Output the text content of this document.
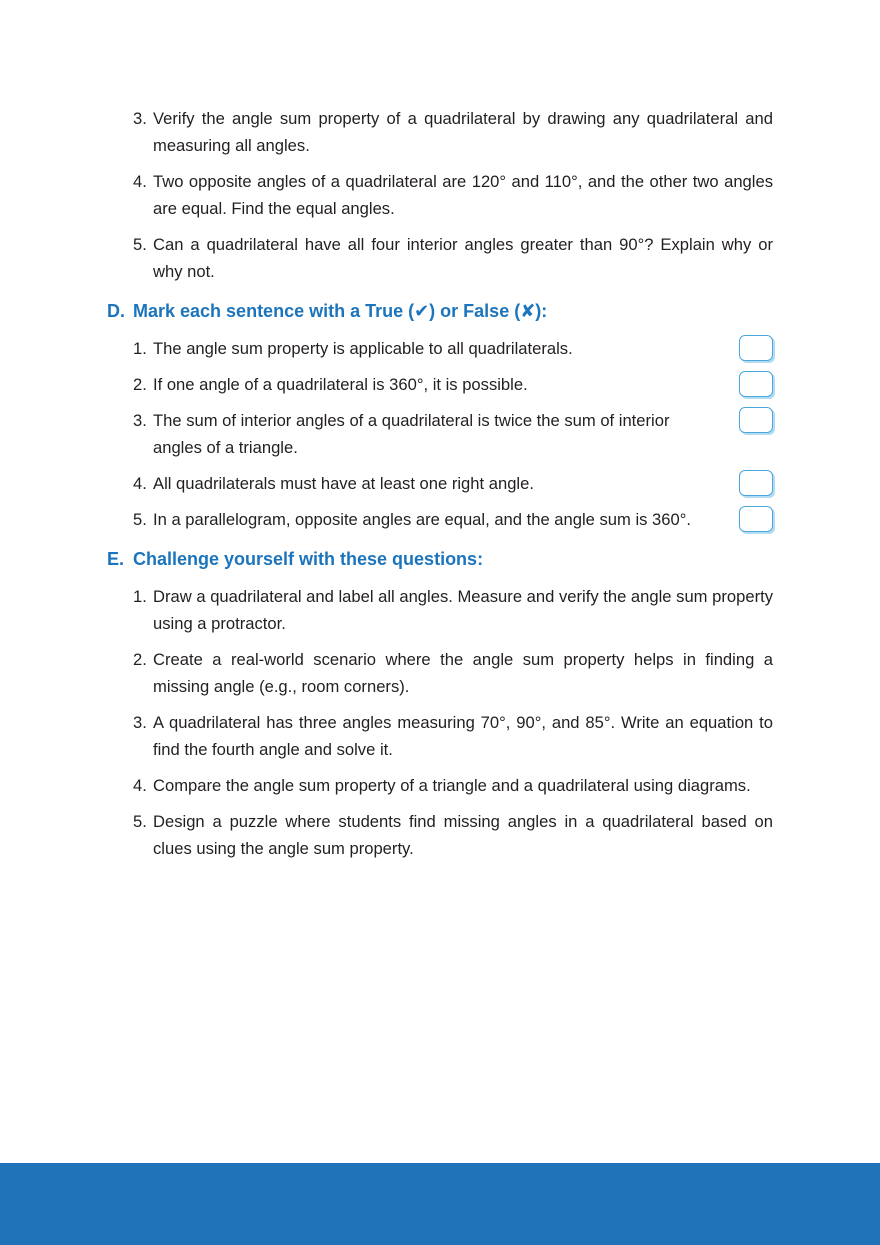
3. Verify the angle sum property of a quadrilateral by drawing any quadrilateral and measuring all angles.
4. Two opposite angles of a quadrilateral are 120° and 110°, and the other two angles are equal. Find the equal angles.
5. Can a quadrilateral have all four interior angles greater than 90°? Explain why or why not.
D. Mark each sentence with a True (✔) or False (✘):
1. The angle sum property is applicable to all quadrilaterals.
2. If one angle of a quadrilateral is 360°, it is possible.
3. The sum of interior angles of a quadrilateral is twice the sum of interior angles of a triangle.
4. All quadrilaterals must have at least one right angle.
5. In a parallelogram, opposite angles are equal, and the angle sum is 360°.
E. Challenge yourself with these questions:
1. Draw a quadrilateral and label all angles. Measure and verify the angle sum property using a protractor.
2. Create a real-world scenario where the angle sum property helps in finding a missing angle (e.g., room corners).
3. A quadrilateral has three angles measuring 70°, 90°, and 85°. Write an equation to find the fourth angle and solve it.
4. Compare the angle sum property of a triangle and a quadrilateral using diagrams.
5. Design a puzzle where students find missing angles in a quadrilateral based on clues using the angle sum property.
